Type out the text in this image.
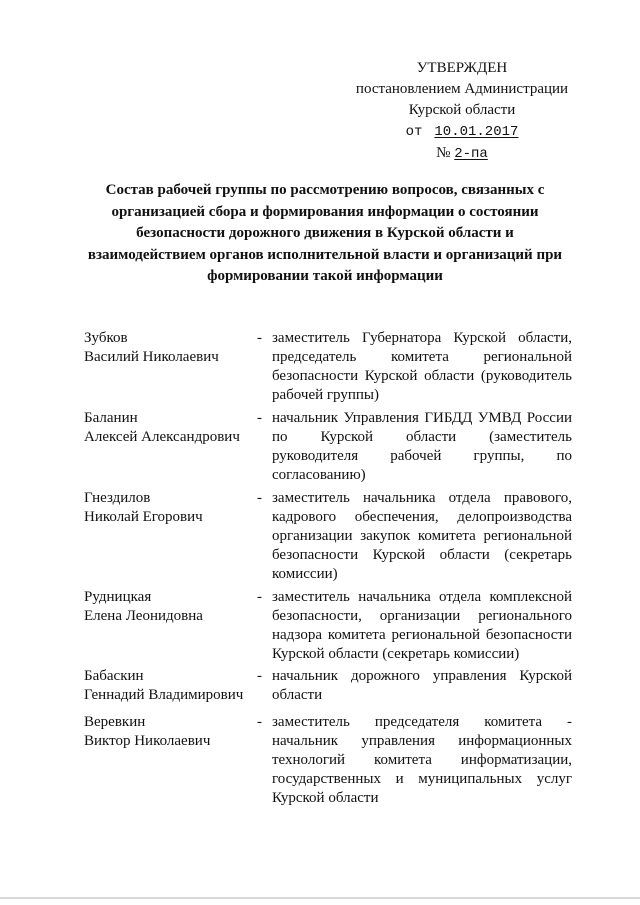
УТВЕРЖДЕН
постановлением Администрации
Курской области
от 10.01.2017
№ 2-па
Состав рабочей группы по рассмотрению вопросов, связанных с
организацией сбора и формирования информации о состоянии
безопасности дорожного движения в Курской области и
взаимодействием органов исполнительной власти и организаций при
формировании такой информации
Зубков
Василий Николаевич
- заместитель Губернатора Курской области,
председатель комитета региональной
безопасности Курской области (руководитель
рабочей группы)
Баланин
Алексей Александрович
- начальник Управления ГИБДД УМВД России
по Курской области (заместитель
руководителя рабочей группы, по
согласованию)
Гнездилов
Николай Егорович
- заместитель начальника отдела правового,
кадрового обеспечения, делопроизводства
организации закупок комитета региональной
безопасности Курской области (секретарь
комиссии)
Рудницкая
Елена Леонидовна
- заместитель начальника отдела комплексной
безопасности, организации регионального
надзора комитета региональной безопасности
Курской области (секретарь комиссии)
Бабаскин
Геннадий Владимирович
- начальник дорожного управления Курской
области
Веревкин
Виктор Николаевич
- заместитель председателя комитета -
начальник управления информационных
технологий комитета информатизации,
государственных и муниципальных услуг
Курской области
